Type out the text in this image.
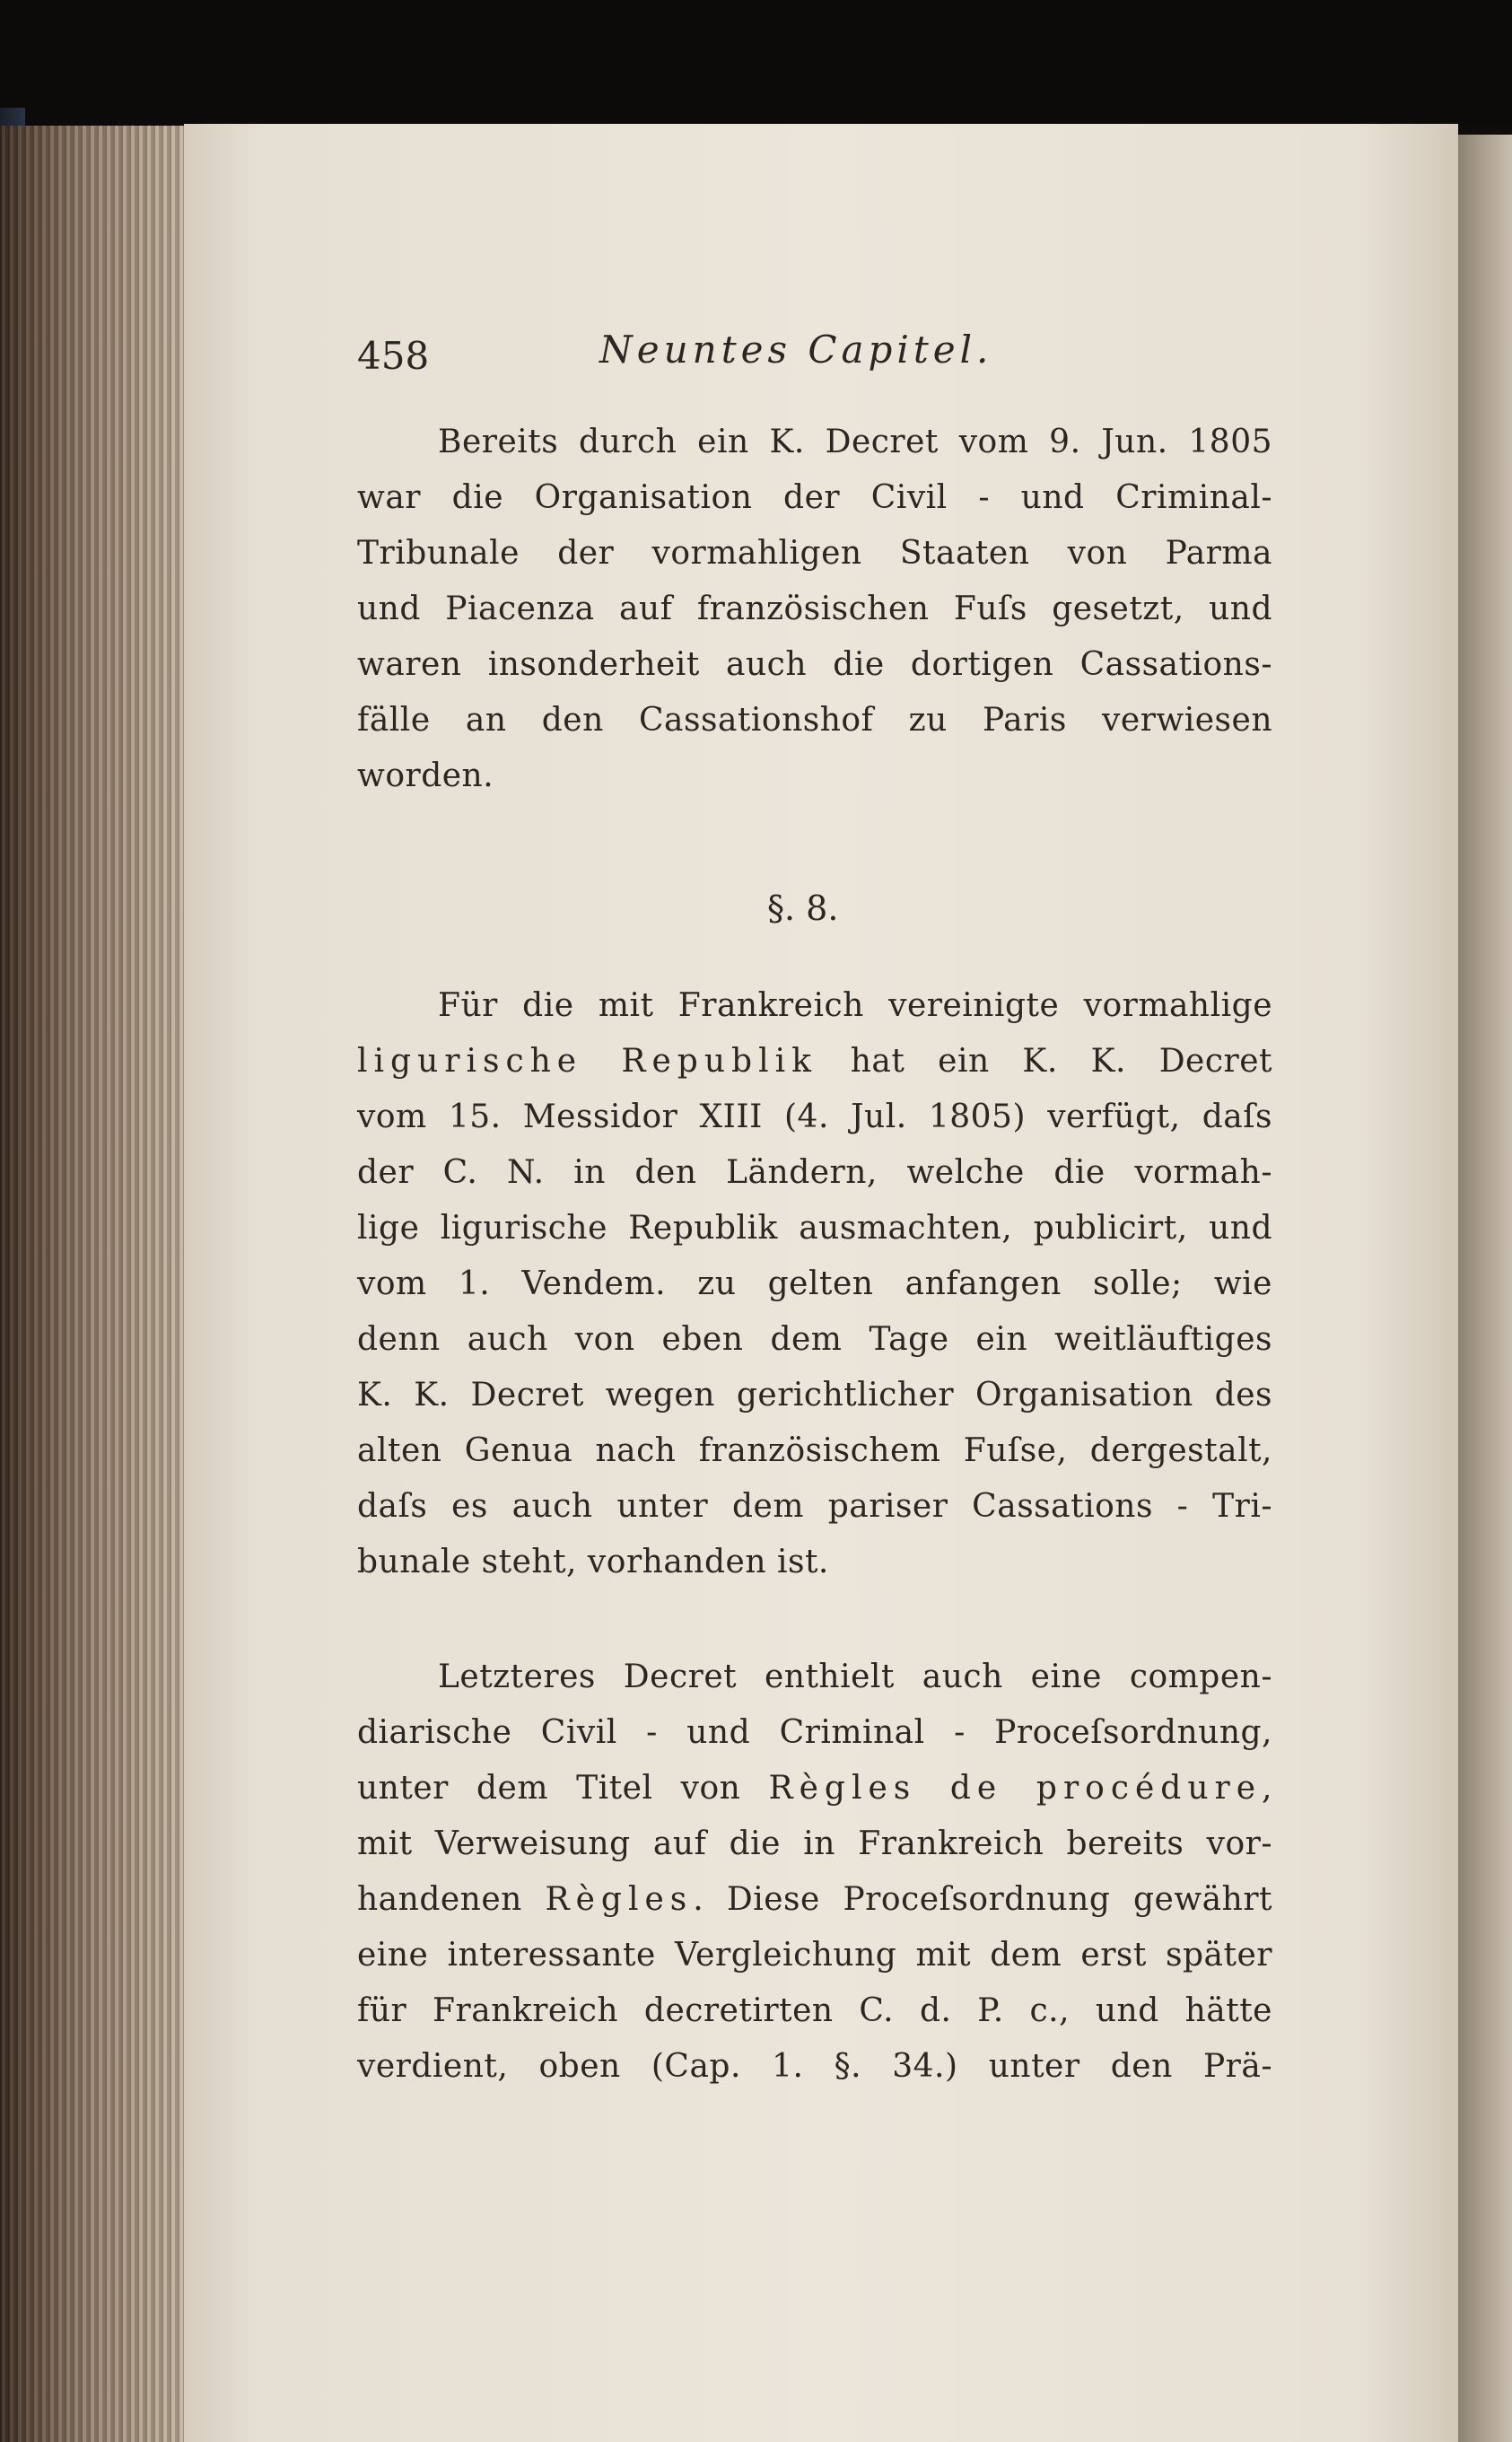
458	Neuntes Capitel.
Bereits durch ein K. Decret vom 9. Jun. 1805
war die Organisation der Civil - und Criminal-
Tribunale der vormahligen Staaten von Parma
und Piacenza auf französischen Fuſs gesetzt, und
waren insonderheit auch die dortigen Cassations-
fälle an den Cassationshof zu Paris verwiesen
worden.
§. 8.
Für die mit Frankreich vereinigte vormahlige
ligurische Republik hat ein K. K. Decret
vom 15. Messidor XIII (4. Jul. 1805) verfügt, daſs
der C. N. in den Ländern, welche die vormah-
lige ligurische Republik ausmachten, publicirt, und
vom 1. Vendem. zu gelten anfangen solle; wie
denn auch von eben dem Tage ein weitläuftiges
K. K. Decret wegen gerichtlicher Organisation des
alten Genua nach französischem Fuſse, dergestalt,
daſs es auch unter dem pariser Cassations - Tri-
bunale steht, vorhanden ist.
Letzteres Decret enthielt auch eine compen-
diarische Civil - und Criminal - Proceſsordnung,
unter dem Titel von Règles de procédure,
mit Verweisung auf die in Frankreich bereits vor-
handenen Règles. Diese Proceſsordnung gewährt
eine interessante Vergleichung mit dem erst später
für Frankreich decretirten C. d. P. c., und hätte
verdient, oben (Cap. 1. §. 34.) unter den Prä-
